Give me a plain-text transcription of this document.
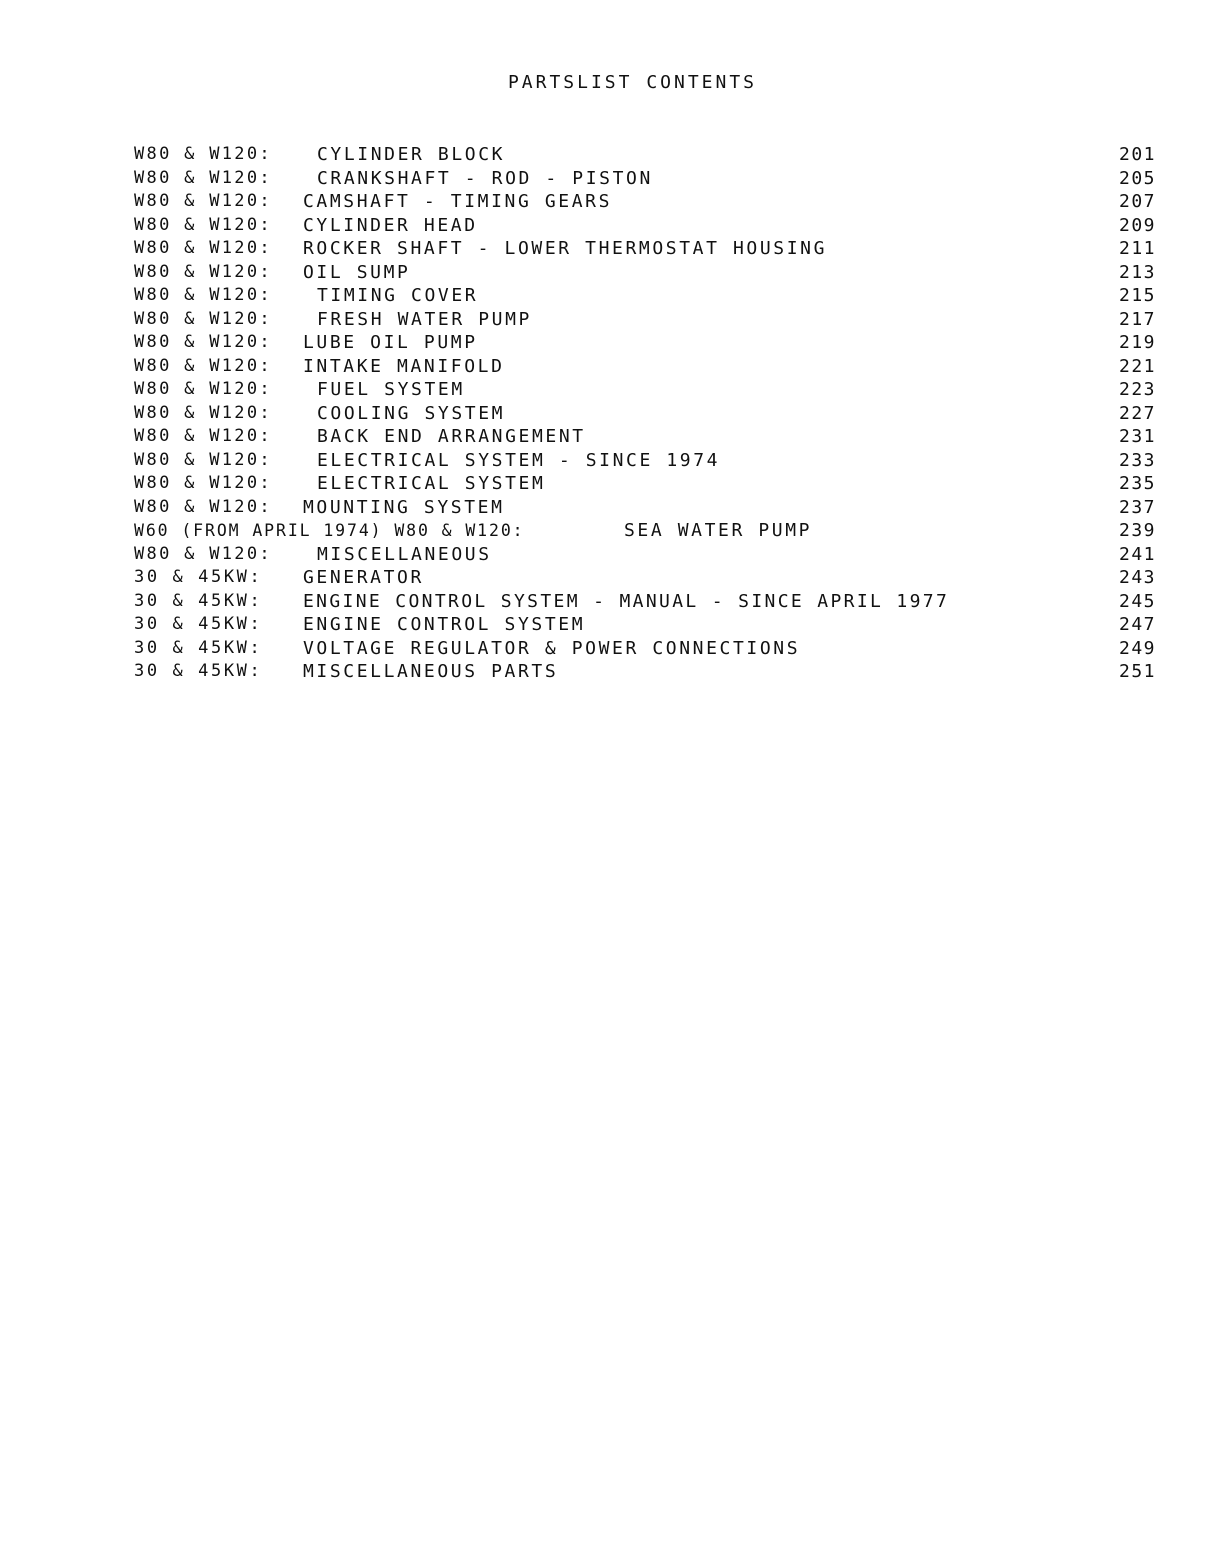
PARTSLIST CONTENTS
W80 & W120:	CYLINDER BLOCK	201
W80 & W120:	CRANKSHAFT - ROD - PISTON	205
W80 & W120: CAMSHAFT - TIMING GEARS	207
W80 & W120: CYLINDER HEAD	209
W80 & W120: ROCKER SHAFT - LOWER THERMOSTAT HOUSING	211
W80 & W120: OIL SUMP	213
W80 & W120:	TIMING COVER	215
W80 & W120:	FRESH WATER PUMP	217
W80 & W120: LUBE OIL PUMP	219
W80 & W120: INTAKE MANIFOLD	221
W80 & W120:	FUEL SYSTEM	223
W80 & W120:	COOLING SYSTEM	227
W80 & W120:	BACK END ARRANGEMENT	231
W80 & W120:	ELECTRICAL SYSTEM - SINCE 1974	233
W80 & W120:	ELECTRICAL SYSTEM	235
W80 & W120: MOUNTING SYSTEM	237
W60 (FROM APRIL 1974) W80 & W120:	SEA WATER PUMP	239
W80 & W120:	MISCELLANEOUS	241
30 & 45KW: GENERATOR	243
30 & 45KW: ENGINE CONTROL SYSTEM - MANUAL - SINCE APRIL 1977	245
30 & 45KW: ENGINE CONTROL SYSTEM	247
30 & 45KW: VOLTAGE REGULATOR & POWER CONNECTIONS	249
30 & 45KW: MISCELLANEOUS PARTS	251
